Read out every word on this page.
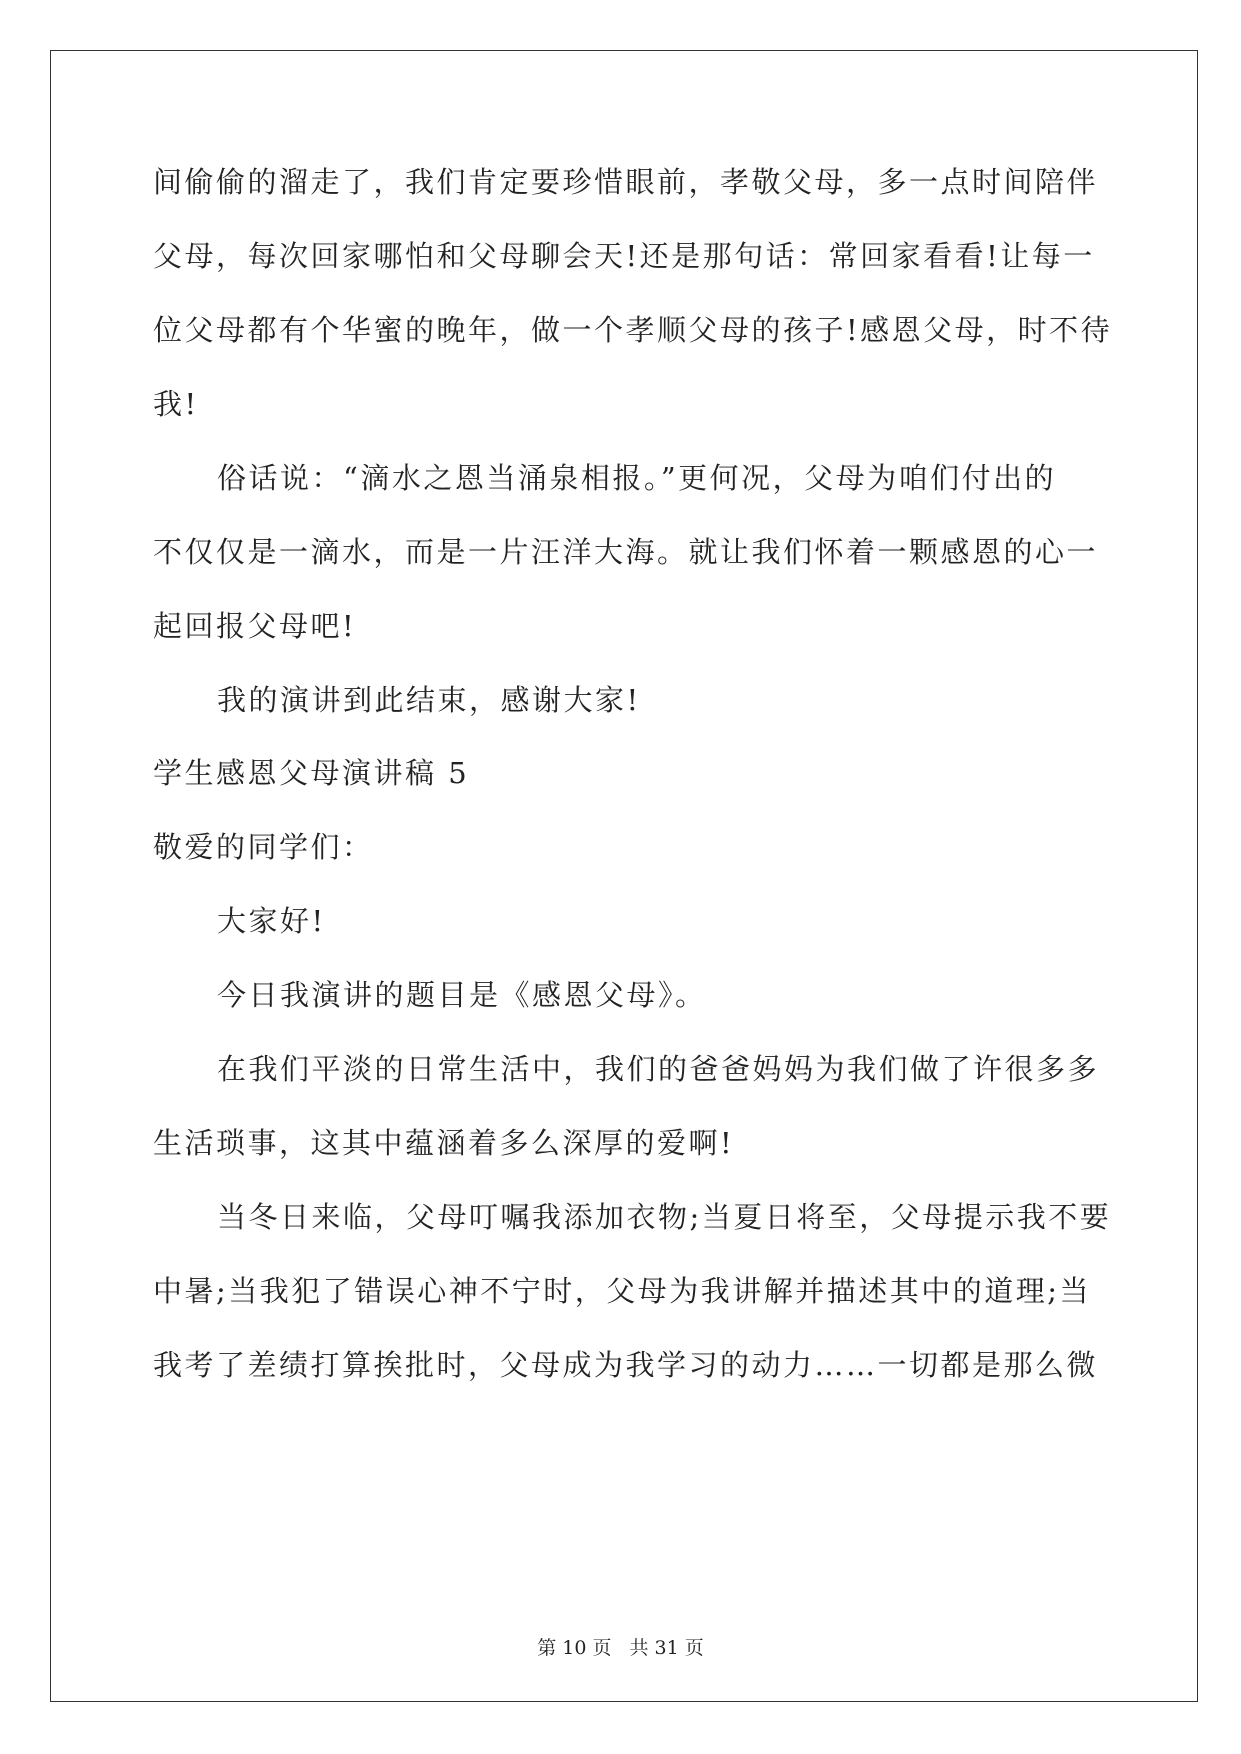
间偷偷的溜走了，我们肯定要珍惜眼前，孝敬父母，多一点时间陪伴
父母，每次回家哪怕和父母聊会天!还是那句话：常回家看看!让每一
位父母都有个华蜜的晚年，做一个孝顺父母的孩子!感恩父母，时不待
我!
俗话说：“滴水之恩当涌泉相报。”更何况，父母为咱们付出的
不仅仅是一滴水，而是一片汪洋大海。就让我们怀着一颗感恩的心一
起回报父母吧!
我的演讲到此结束，感谢大家!
学生感恩父母演讲稿 5
敬爱的同学们：
大家好!
今日我演讲的题目是《感恩父母》。
在我们平淡的日常生活中，我们的爸爸妈妈为我们做了许很多多
生活琐事，这其中蕴涵着多么深厚的爱啊!
当冬日来临，父母叮嘱我添加衣物;当夏日将至，父母提示我不要
中暑;当我犯了错误心神不宁时，父母为我讲解并描述其中的道理;当
我考了差绩打算挨批时，父母成为我学习的动力……一切都是那么微
第 10 页 共 31 页
